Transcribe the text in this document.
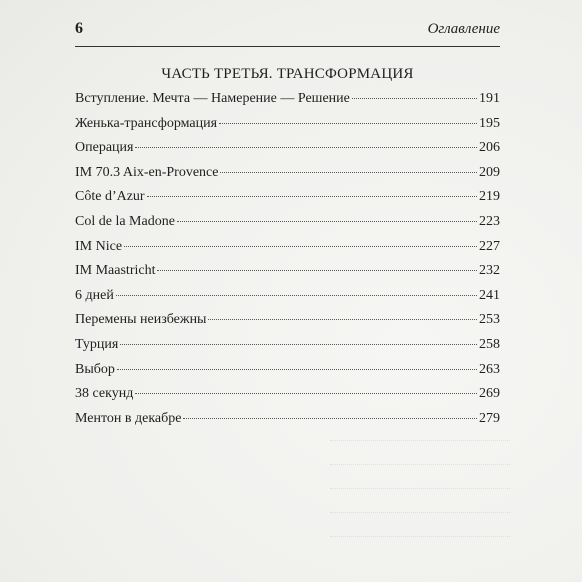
6	Оглавление
ЧАСТЬ ТРЕТЬЯ. ТРАНСФОРМАЦИЯ
Вступление. Мечта — Намерение — Решение	191
Женька-трансформация	195
Операция	206
IM 70.3 Aix-en-Provence	209
Côte d’Azur	219
Col de la Madone	223
IM Nice	227
IM Maastricht	232
6 дней	241
Перемены неизбежны	253
Турция	258
Выбор	263
38 секунд	269
Ментон в декабре	279
